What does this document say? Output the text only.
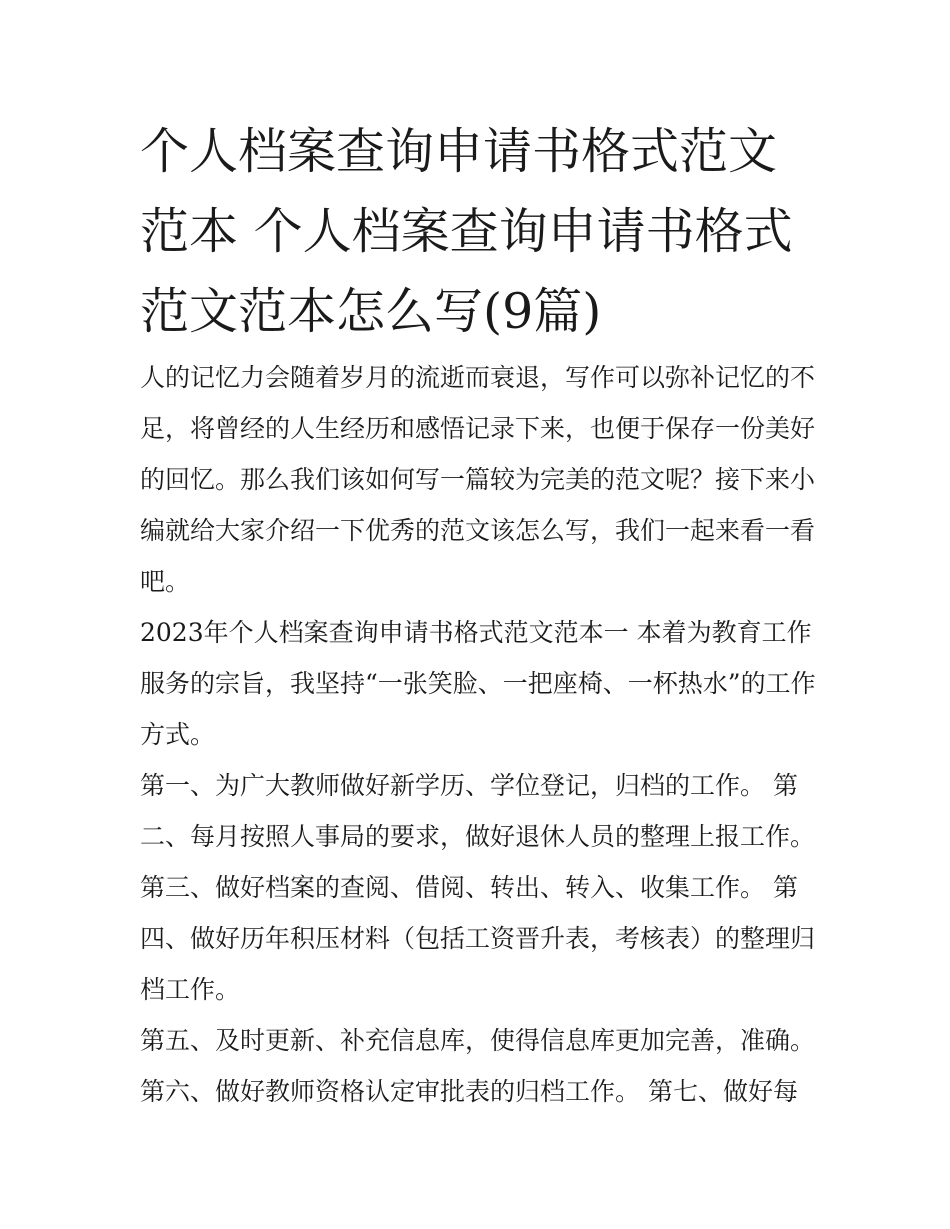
个人档案查询申请书格式范文范本 个人档案查询申请书格式范文范本怎么写(9篇)

人的记忆力会随着岁月的流逝而衰退，写作可以弥补记忆的不足，将曾经的人生经历和感悟记录下来，也便于保存一份美好的回忆。那么我们该如何写一篇较为完美的范文呢？接下来小编就给大家介绍一下优秀的范文该怎么写，我们一起来看一看吧。

2023年个人档案查询申请书格式范文范本一 本着为教育工作服务的宗旨，我坚持“一张笑脸、一把座椅、一杯热水”的工作方式。

第一、为广大教师做好新学历、学位登记，归档的工作。 第二、每月按照人事局的要求，做好退休人员的整理上报工作。第三、做好档案的查阅、借阅、转出、转入、收集工作。 第四、做好历年积压材料（包括工资晋升表，考核表）的整理归档工作。

第五、及时更新、补充信息库，使得信息库更加完善，准确。第六、做好教师资格认定审批表的归档工作。 第七、做好每
